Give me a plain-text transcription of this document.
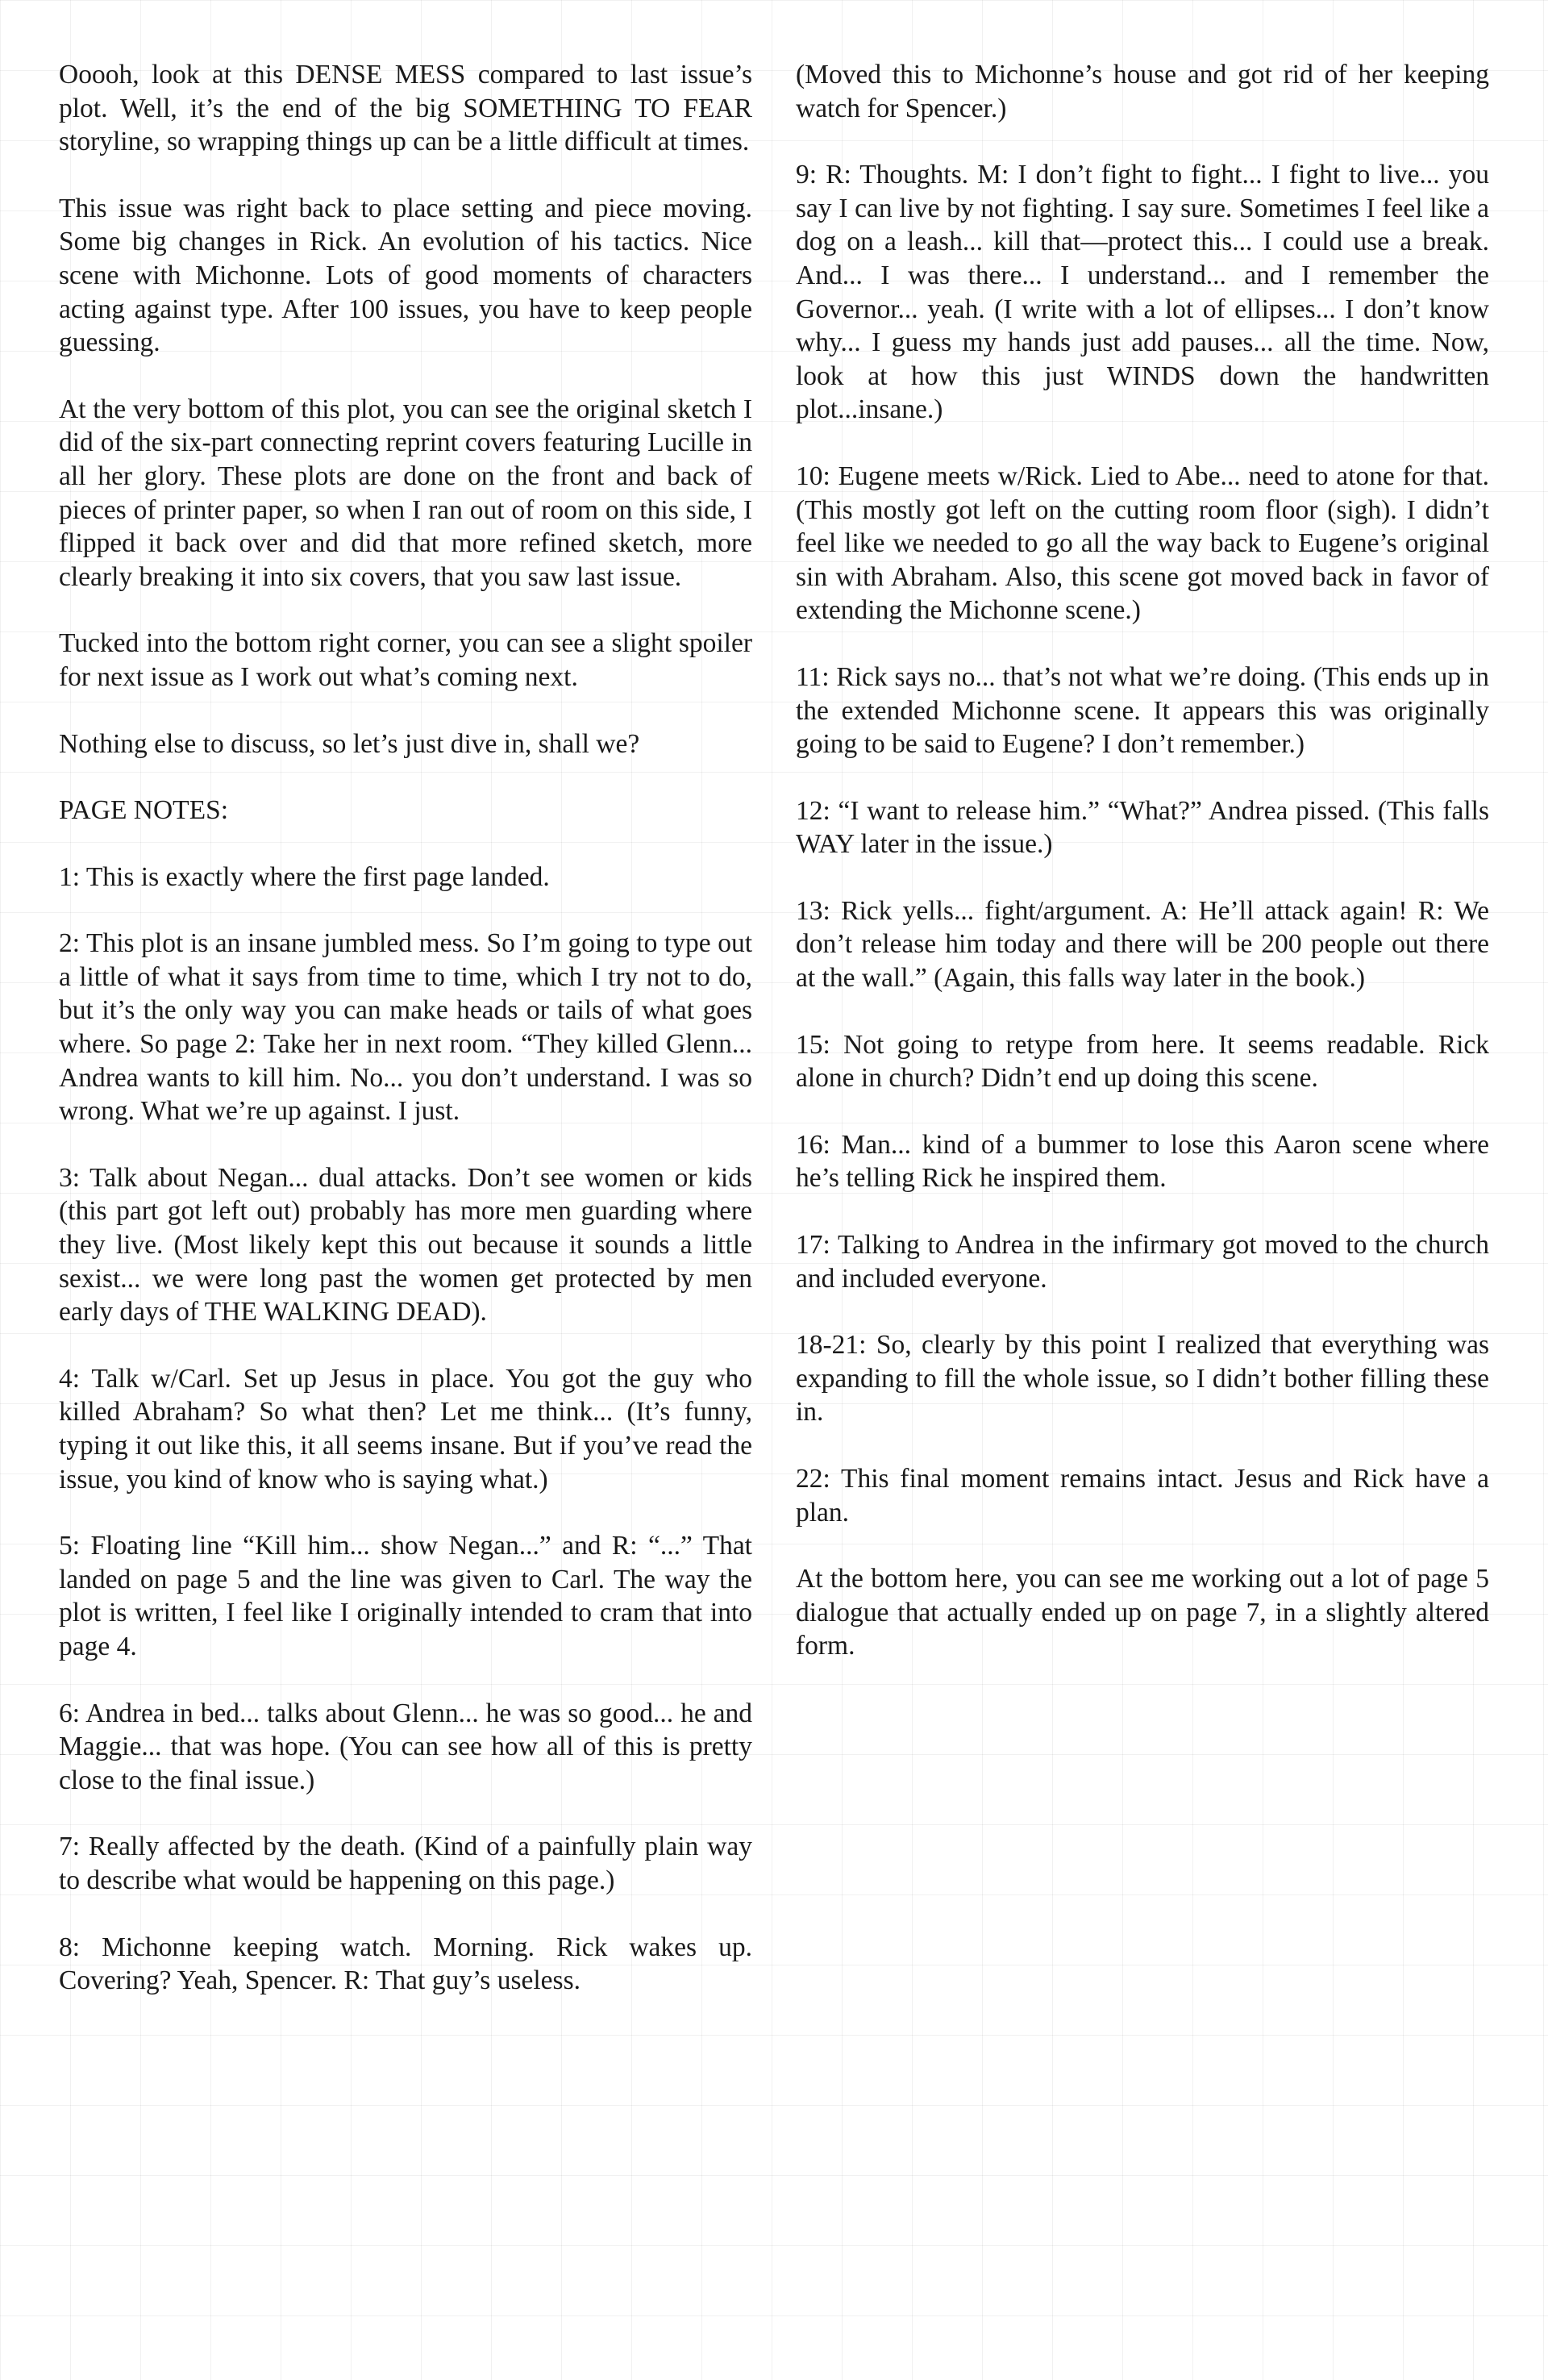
Ooooh, look at this DENSE MESS compared to last issue’s plot. Well, it’s the end of the big SOMETHING TO FEAR storyline, so wrapping things up can be a little difficult at times.

This issue was right back to place setting and piece moving. Some big changes in Rick. An evolution of his tactics. Nice scene with Michonne. Lots of good moments of characters acting against type. After 100 issues, you have to keep people guessing.

At the very bottom of this plot, you can see the original sketch I did of the six-part connecting reprint covers featuring Lucille in all her glory. These plots are done on the front and back of pieces of printer paper, so when I ran out of room on this side, I flipped it back over and did that more refined sketch, more clearly breaking it into six covers, that you saw last issue.

Tucked into the bottom right corner, you can see a slight spoiler for next issue as I work out what’s coming next.

Nothing else to discuss, so let’s just dive in, shall we?

PAGE NOTES:

1: This is exactly where the first page landed.

2: This plot is an insane jumbled mess. So I’m going to type out a little of what it says from time to time, which I try not to do, but it’s the only way you can make heads or tails of what goes where. So page 2: Take her in next room. “They killed Glenn... Andrea wants to kill him. No... you don’t understand. I was so wrong. What we’re up against. I just.

3: Talk about Negan... dual attacks. Don’t see women or kids (this part got left out) probably has more men guarding where they live. (Most likely kept this out because it sounds a little sexist... we were long past the women get protected by men early days of THE WALKING DEAD).

4: Talk w/Carl. Set up Jesus in place. You got the guy who killed Abraham? So what then? Let me think... (It’s funny, typing it out like this, it all seems insane. But if you’ve read the issue, you kind of know who is saying what.)

5: Floating line “Kill him... show Negan...” and R: “...” That landed on page 5 and the line was given to Carl. The way the plot is written, I feel like I originally intended to cram that into page 4.

6: Andrea in bed... talks about Glenn... he was so good... he and Maggie... that was hope. (You can see how all of this is pretty close to the final issue.)

7: Really affected by the death. (Kind of a painfully plain way to describe what would be happening on this page.)

8: Michonne keeping watch. Morning. Rick wakes up. Covering? Yeah, Spencer. R: That guy’s useless.

(Moved this to Michonne’s house and got rid of her keeping watch for Spencer.)

9: R: Thoughts. M: I don’t fight to fight... I fight to live... you say I can live by not fighting. I say sure. Sometimes I feel like a dog on a leash... kill that—protect this... I could use a break. And... I was there... I understand... and I remember the Governor... yeah. (I write with a lot of ellipses... I don’t know why... I guess my hands just add pauses... all the time. Now, look at how this just WINDS down the handwritten plot...insane.)

10: Eugene meets w/Rick. Lied to Abe... need to atone for that. (This mostly got left on the cutting room floor (sigh). I didn’t feel like we needed to go all the way back to Eugene’s original sin with Abraham. Also, this scene got moved back in favor of extending the Michonne scene.)

11: Rick says no... that’s not what we’re doing. (This ends up in the extended Michonne scene. It appears this was originally going to be said to Eugene? I don’t remember.)

12: “I want to release him.” “What?” Andrea pissed. (This falls WAY later in the issue.)

13: Rick yells... fight/argument. A: He’ll attack again! R: We don’t release him today and there will be 200 people out there at the wall.” (Again, this falls way later in the book.)

15: Not going to retype from here. It seems readable. Rick alone in church? Didn’t end up doing this scene.

16: Man... kind of a bummer to lose this Aaron scene where he’s telling Rick he inspired them.

17: Talking to Andrea in the infirmary got moved to the church and included everyone.

18-21: So, clearly by this point I realized that everything was expanding to fill the whole issue, so I didn’t bother filling these in.

22: This final moment remains intact. Jesus and Rick have a plan.

At the bottom here, you can see me working out a lot of page 5 dialogue that actually ended up on page 7, in a slightly altered form.
